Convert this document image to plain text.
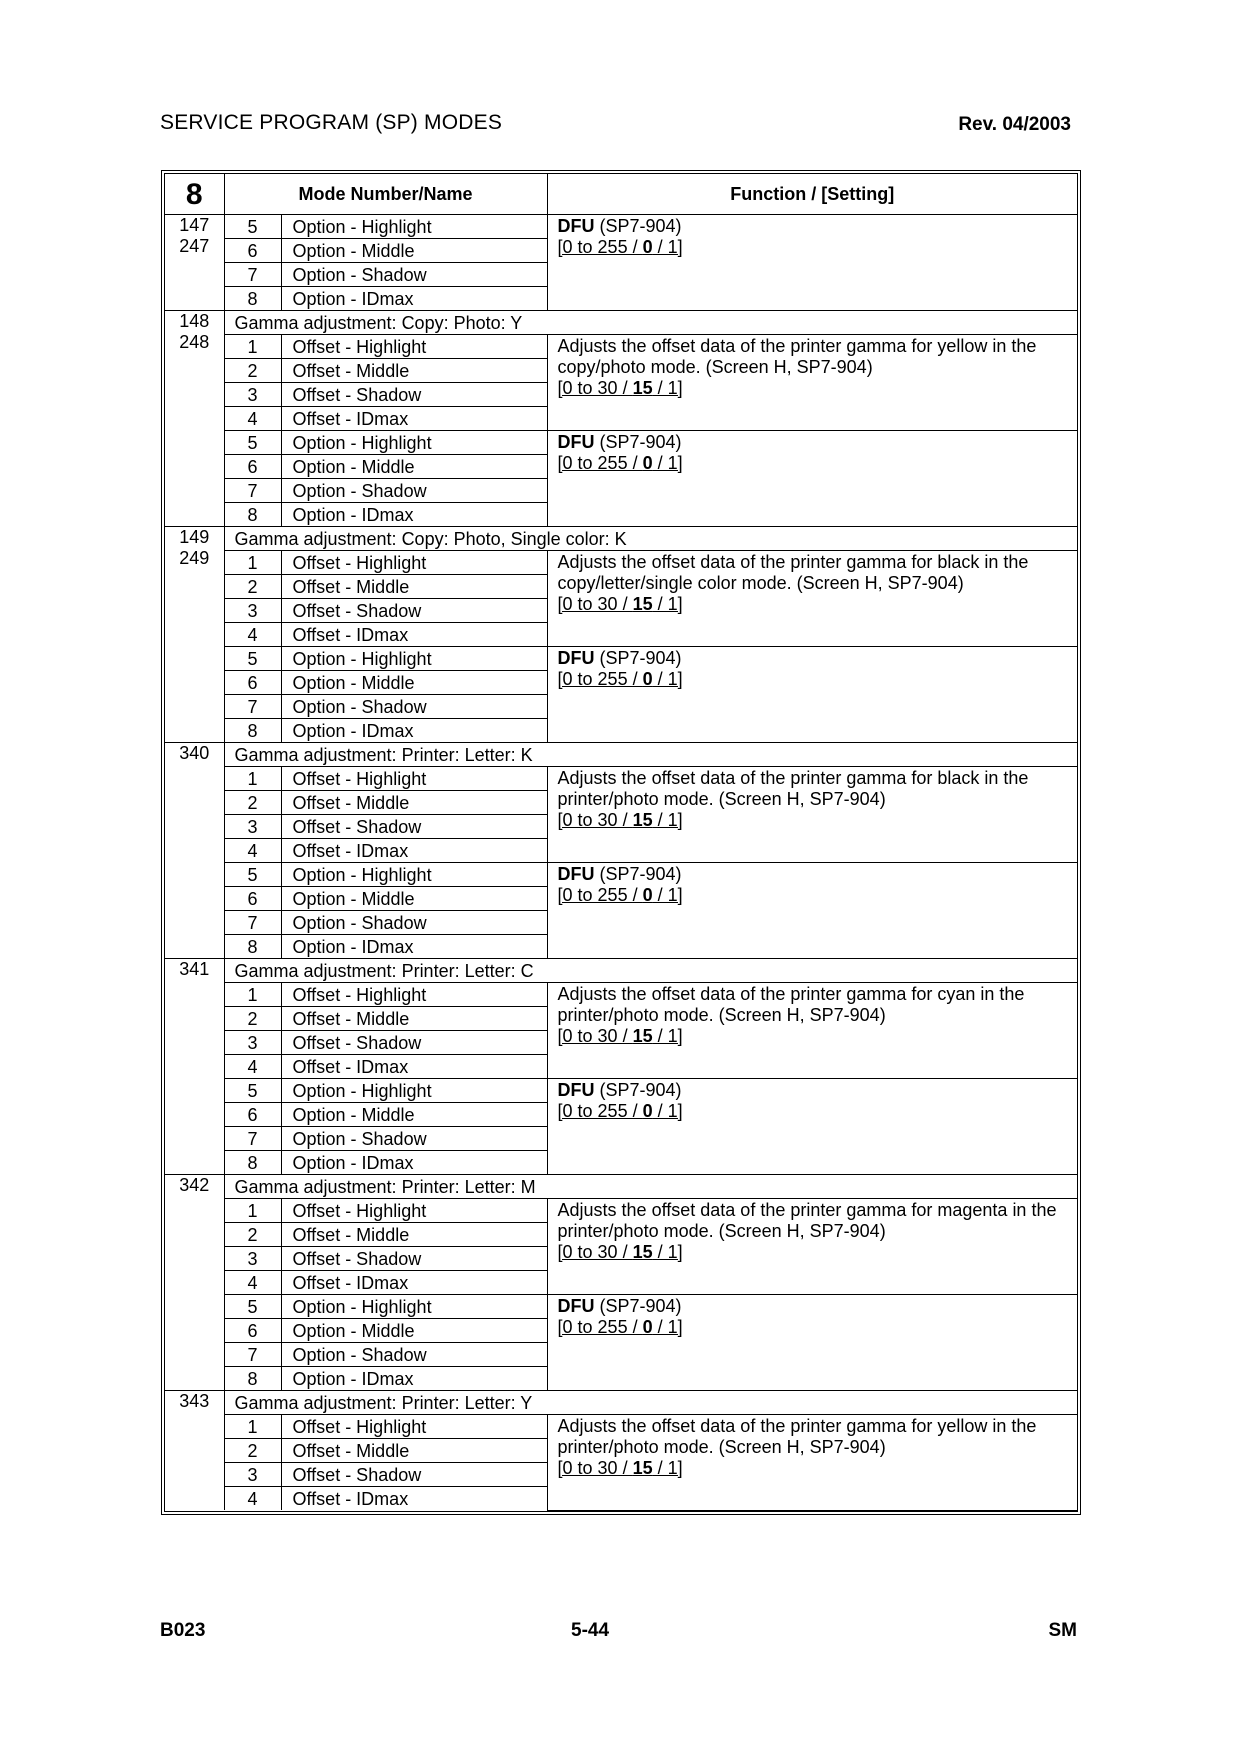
SERVICE PROGRAM (SP) MODES	Rev. 04/2003
8	Mode Number/Name		Function / [Setting]
147
247	5	Option - Highlight	DFU (SP7-904)
[0 to 255 / 0 / 1]
	6	Option - Middle	
	7	Option - Shadow	
	8	Option - IDmax	
148
248	Gamma adjustment: Copy: Photo: Y		
	1	Offset - Highlight	Adjusts the offset data of the printer gamma for yellow in the copy/photo mode. (Screen H, SP7-904)
[0 to 30 / 15 / 1]
	2	Offset - Middle	
	3	Offset - Shadow	
	4	Offset - IDmax	
	5	Option - Highlight	DFU (SP7-904)
[0 to 255 / 0 / 1]
	6	Option - Middle	
	7	Option - Shadow	
	8	Option - IDmax	
149
249	Gamma adjustment: Copy: Photo, Single color: K		
	1	Offset - Highlight	Adjusts the offset data of the printer gamma for black in the copy/letter/single color mode. (Screen H, SP7-904)
[0 to 30 / 15 / 1]
	2	Offset - Middle	
	3	Offset - Shadow	
	4	Offset - IDmax	
	5	Option - Highlight	DFU (SP7-904)
[0 to 255 / 0 / 1]
	6	Option - Middle	
	7	Option - Shadow	
	8	Option - IDmax	
340	Gamma adjustment: Printer: Letter: K		
	1	Offset - Highlight	Adjusts the offset data of the printer gamma for black in the printer/photo mode. (Screen H, SP7-904)
[0 to 30 / 15 / 1]
	2	Offset - Middle	
	3	Offset - Shadow	
	4	Offset - IDmax	
	5	Option - Highlight	DFU (SP7-904)
[0 to 255 / 0 / 1]
	6	Option - Middle	
	7	Option - Shadow	
	8	Option - IDmax	
341	Gamma adjustment: Printer: Letter: C		
	1	Offset - Highlight	Adjusts the offset data of the printer gamma for cyan in the printer/photo mode. (Screen H, SP7-904)
[0 to 30 / 15 / 1]
	2	Offset - Middle	
	3	Offset - Shadow	
	4	Offset - IDmax	
	5	Option - Highlight	DFU (SP7-904)
[0 to 255 / 0 / 1]
	6	Option - Middle	
	7	Option - Shadow	
	8	Option - IDmax	
342	Gamma adjustment: Printer: Letter: M		
	1	Offset - Highlight	Adjusts the offset data of the printer gamma for magenta in the printer/photo mode. (Screen H, SP7-904)
[0 to 30 / 15 / 1]
	2	Offset - Middle	
	3	Offset - Shadow	
	4	Offset - IDmax	
	5	Option - Highlight	DFU (SP7-904)
[0 to 255 / 0 / 1]
	6	Option - Middle	
	7	Option - Shadow	
	8	Option - IDmax	
343	Gamma adjustment: Printer: Letter: Y		
	1	Offset - Highlight	Adjusts the offset data of the printer gamma for yellow in the printer/photo mode. (Screen H, SP7-904)
[0 to 30 / 15 / 1]
	2	Offset - Middle	
	3	Offset - Shadow	
	4	Offset - IDmax	
B023	5-44	SM
